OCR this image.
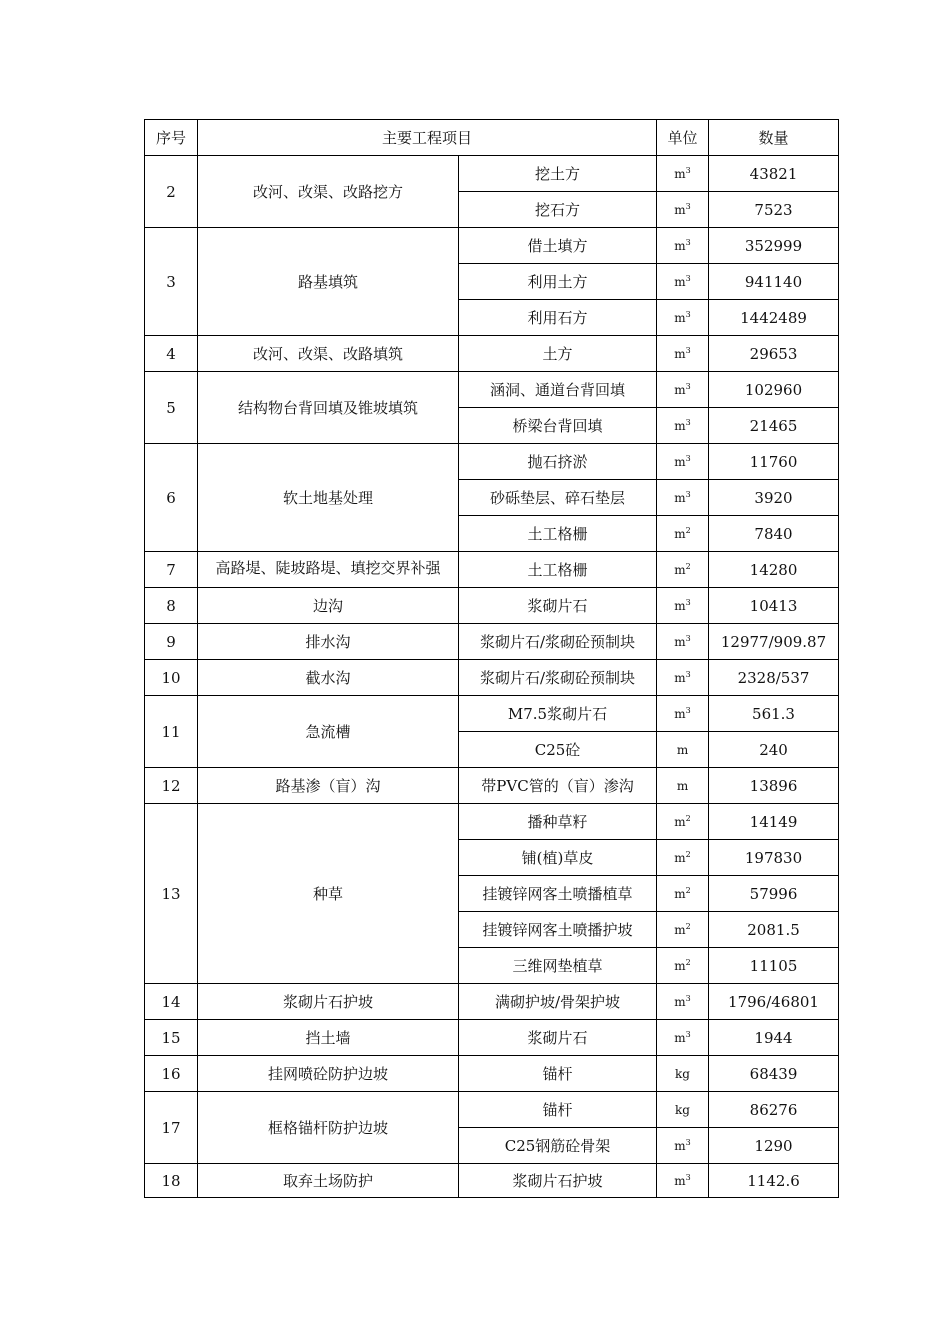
序号	主要工程项目		单位	数量
2	改河、改渠、改路挖方	挖土方	$m^3$	43821
		挖石方	$m^3$	7523
3	路基填筑	借土填方	$m^3$	352999
		利用土方	$m^3$	941140
		利用石方	$m^3$	1442489
4	改河、改渠、改路填筑	土方	$m^3$	29653
5	结构物台背回填及锥坡填筑	涵洞、通道台背回填	$m^3$	102960
		桥梁台背回填	$m^3$	21465
6	软土地基处理	抛石挤淤	$m^3$	11760
		砂砾垫层、碎石垫层	$m^3$	3920
		土工格栅	$m^2$	7840
7	高路堤、陡坡路堤、填挖交界补强	土工格栅	$m^2$	14280
8	边沟	浆砌片石	$m^3$	10413
9	排水沟	浆砌片石/浆砌砼预制块	$m^3$	12977/909.87
10	截水沟	浆砌片石/浆砌砼预制块	$m^3$	2328/537
11	急流槽	M7.5浆砌片石	$m^3$	561.3
		C25砼	m	240
12	路基渗（盲）沟	带PVC管的（盲）渗沟	m	13896
13	种草	播种草籽	$m^2$	14149
		铺(植)草皮	$m^2$	197830
		挂镀锌网客土喷播植草	$m^2$	57996
		挂镀锌网客土喷播护坡	$m^2$	2081.5
		三维网垫植草	$m^2$	11105
14	浆砌片石护坡	满砌护坡/骨架护坡	$m^3$	1796/46801
15	挡土墙	浆砌片石	$m^3$	1944
16	挂网喷砼防护边坡	锚杆	kg	68439
17	框格锚杆防护边坡	锚杆	kg	86276
		C25钢筋砼骨架	$m^3$	1290
18	取弃土场防护	浆砌片石护坡	$m^3$	1142.6
